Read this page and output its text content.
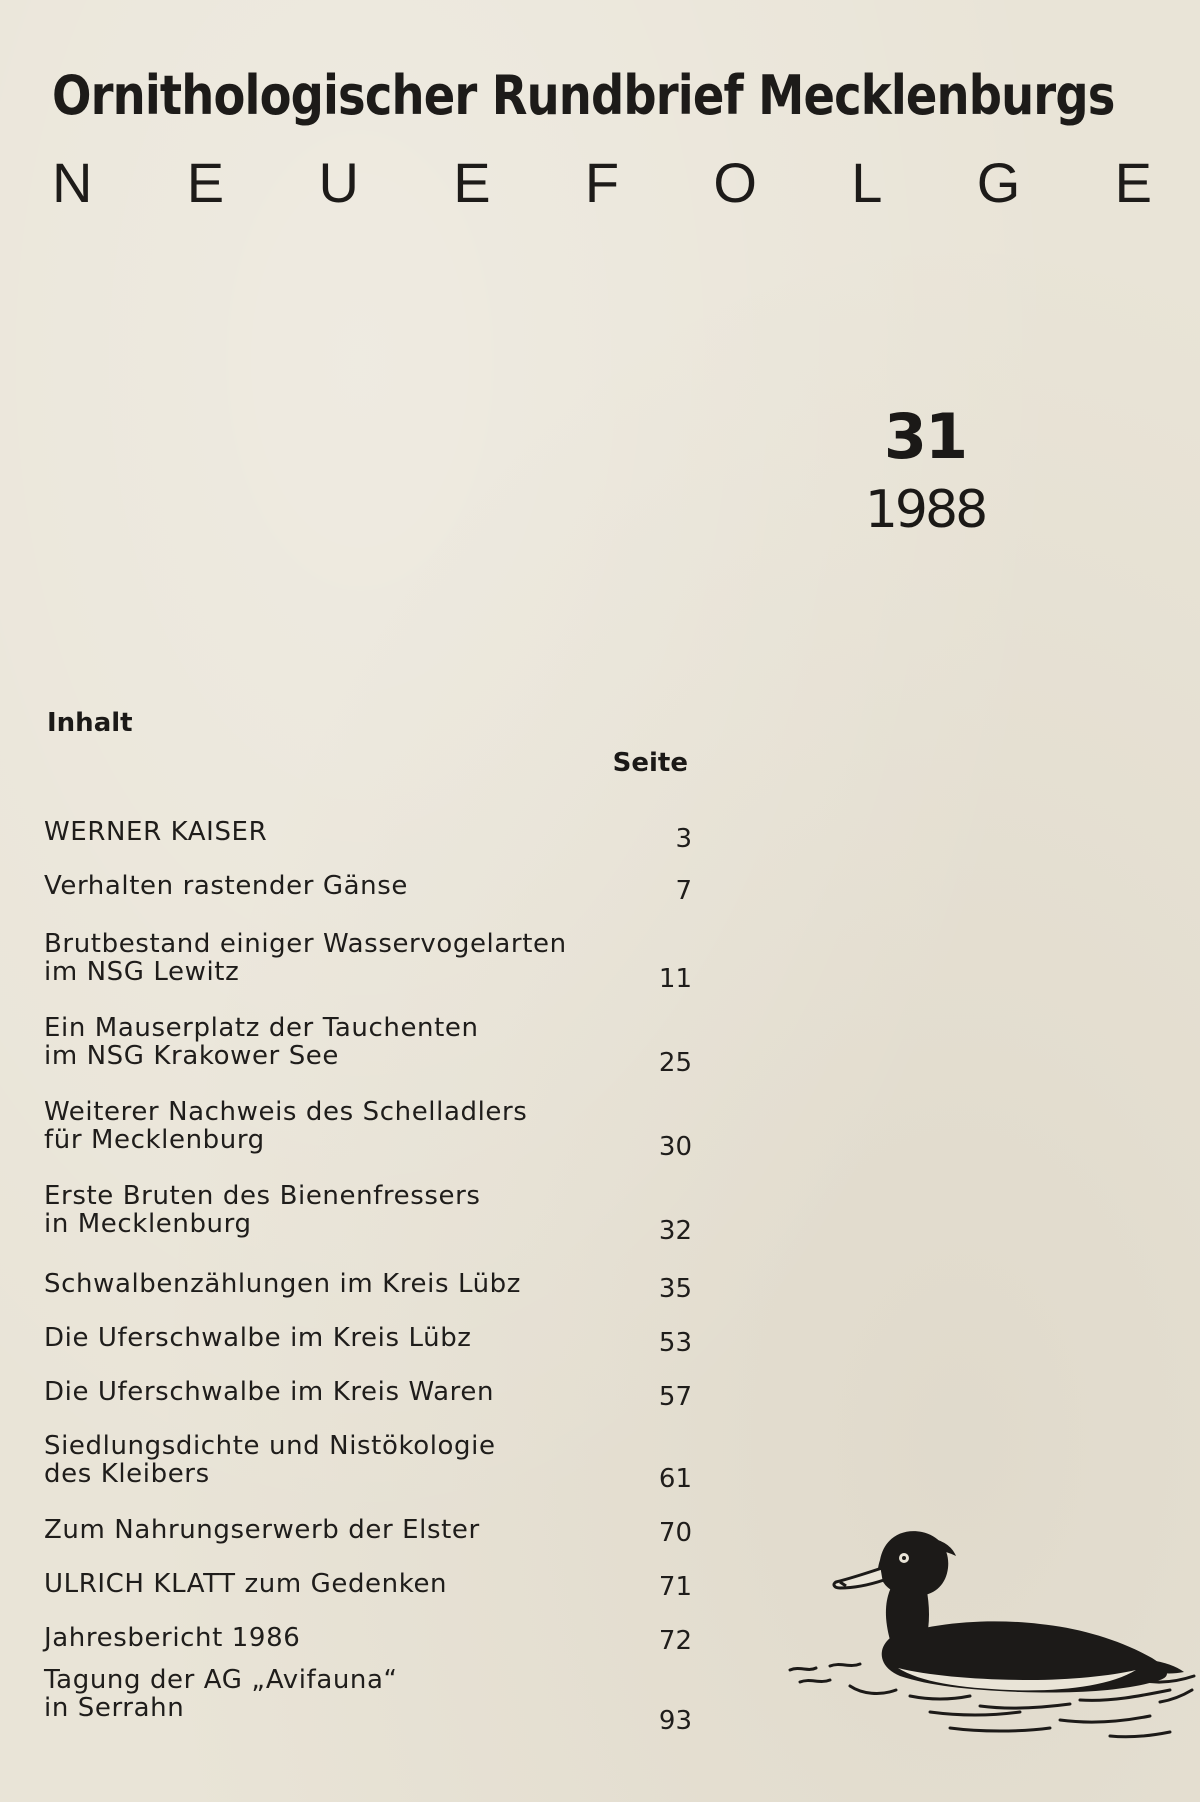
Ornithologischer Rundbrief Mecklenburgs
N E U E F O L G E
31
1988
Inhalt
Seite
WERNER KAISER	3
Verhalten rastender Gänse	7
Brutbestand einiger Wasservogelarten
im NSG Lewitz	11
Ein Mauserplatz der Tauchenten
im NSG Krakower See	25
Weiterer Nachweis des Schelladlers
für Mecklenburg	30
Erste Bruten des Bienenfressers
in Mecklenburg	32
Schwalbenzählungen im Kreis Lübz	35
Die Uferschwalbe im Kreis Lübz	53
Die Uferschwalbe im Kreis Waren	57
Siedlungsdichte und Nistökologie
des Kleibers	61
Zum Nahrungserwerb der Elster	70
ULRICH KLATT zum Gedenken	71
Jahresbericht 1986	72
Tagung der AG „Avifauna“
in Serrahn	93
